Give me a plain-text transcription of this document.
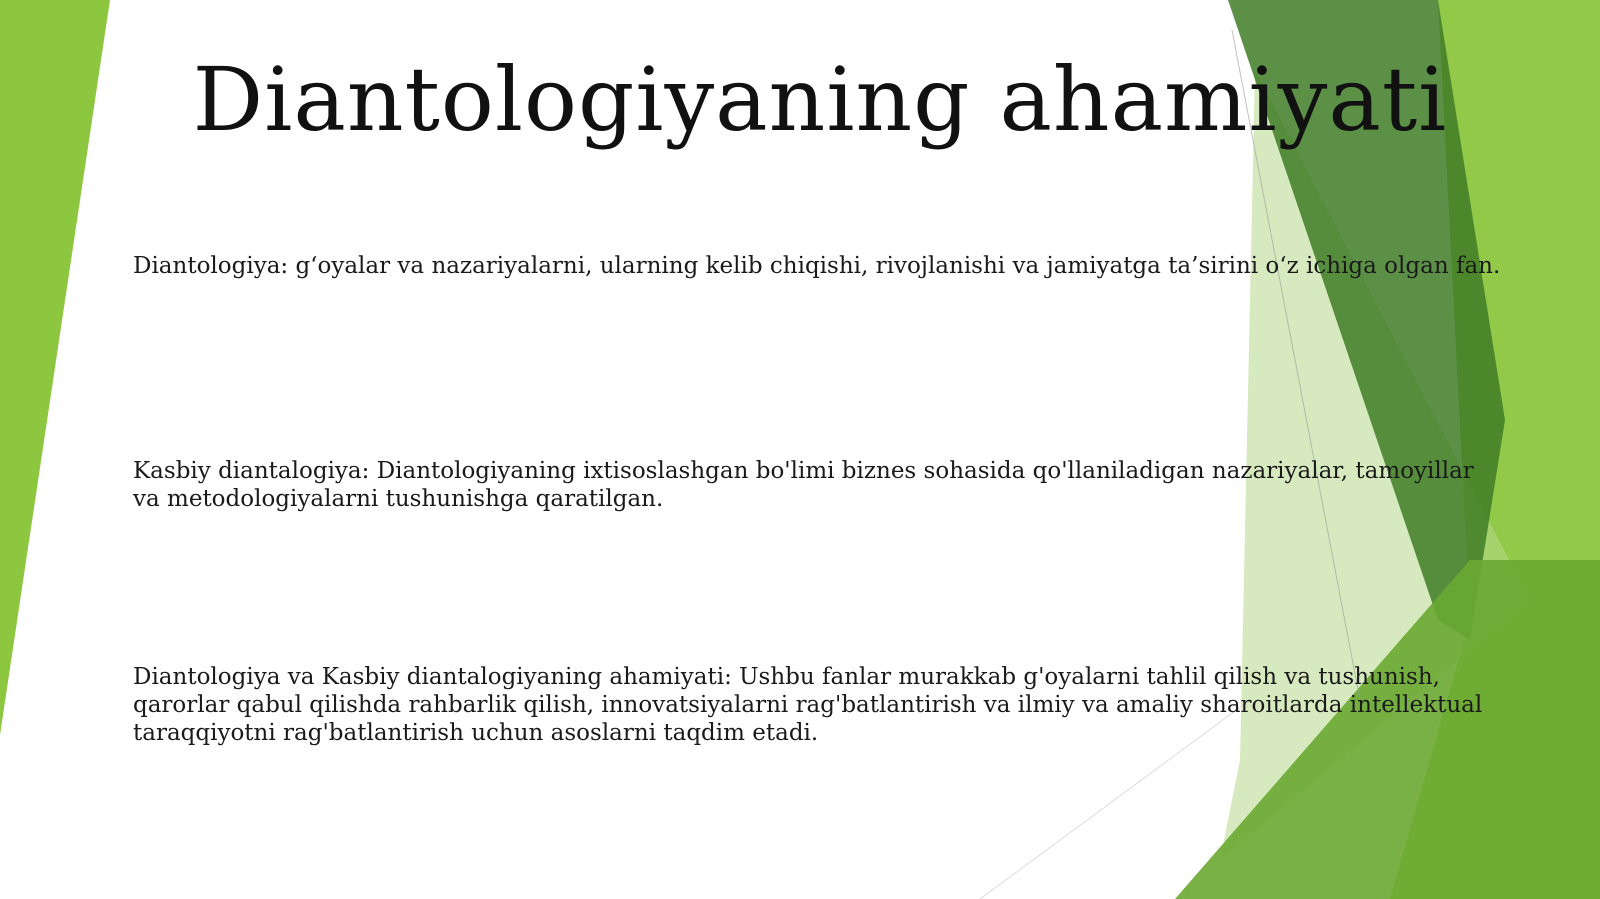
Diantologiyaning ahamiyati

Diantologiya: g‘oyalar va nazariyalarni, ularning kelib chiqishi, rivojlanishi va jamiyatga ta’sirini o‘z ichiga olgan fan.

Kasbiy diantalogiya: Diantologiyaning ixtisoslashgan bo'limi biznes sohasida qo'llaniladigan nazariyalar, tamoyillar va metodologiyalarni tushunishga qaratilgan.

Diantologiya va Kasbiy diantalogiyaning ahamiyati: Ushbu fanlar murakkab g'oyalarni tahlil qilish va tushunish, qarorlar qabul qilishda rahbarlik qilish, innovatsiyalarni rag'batlantirish va ilmiy va amaliy sharoitlarda intellektual taraqqiyotni rag'batlantirish uchun asoslarni taqdim etadi.
